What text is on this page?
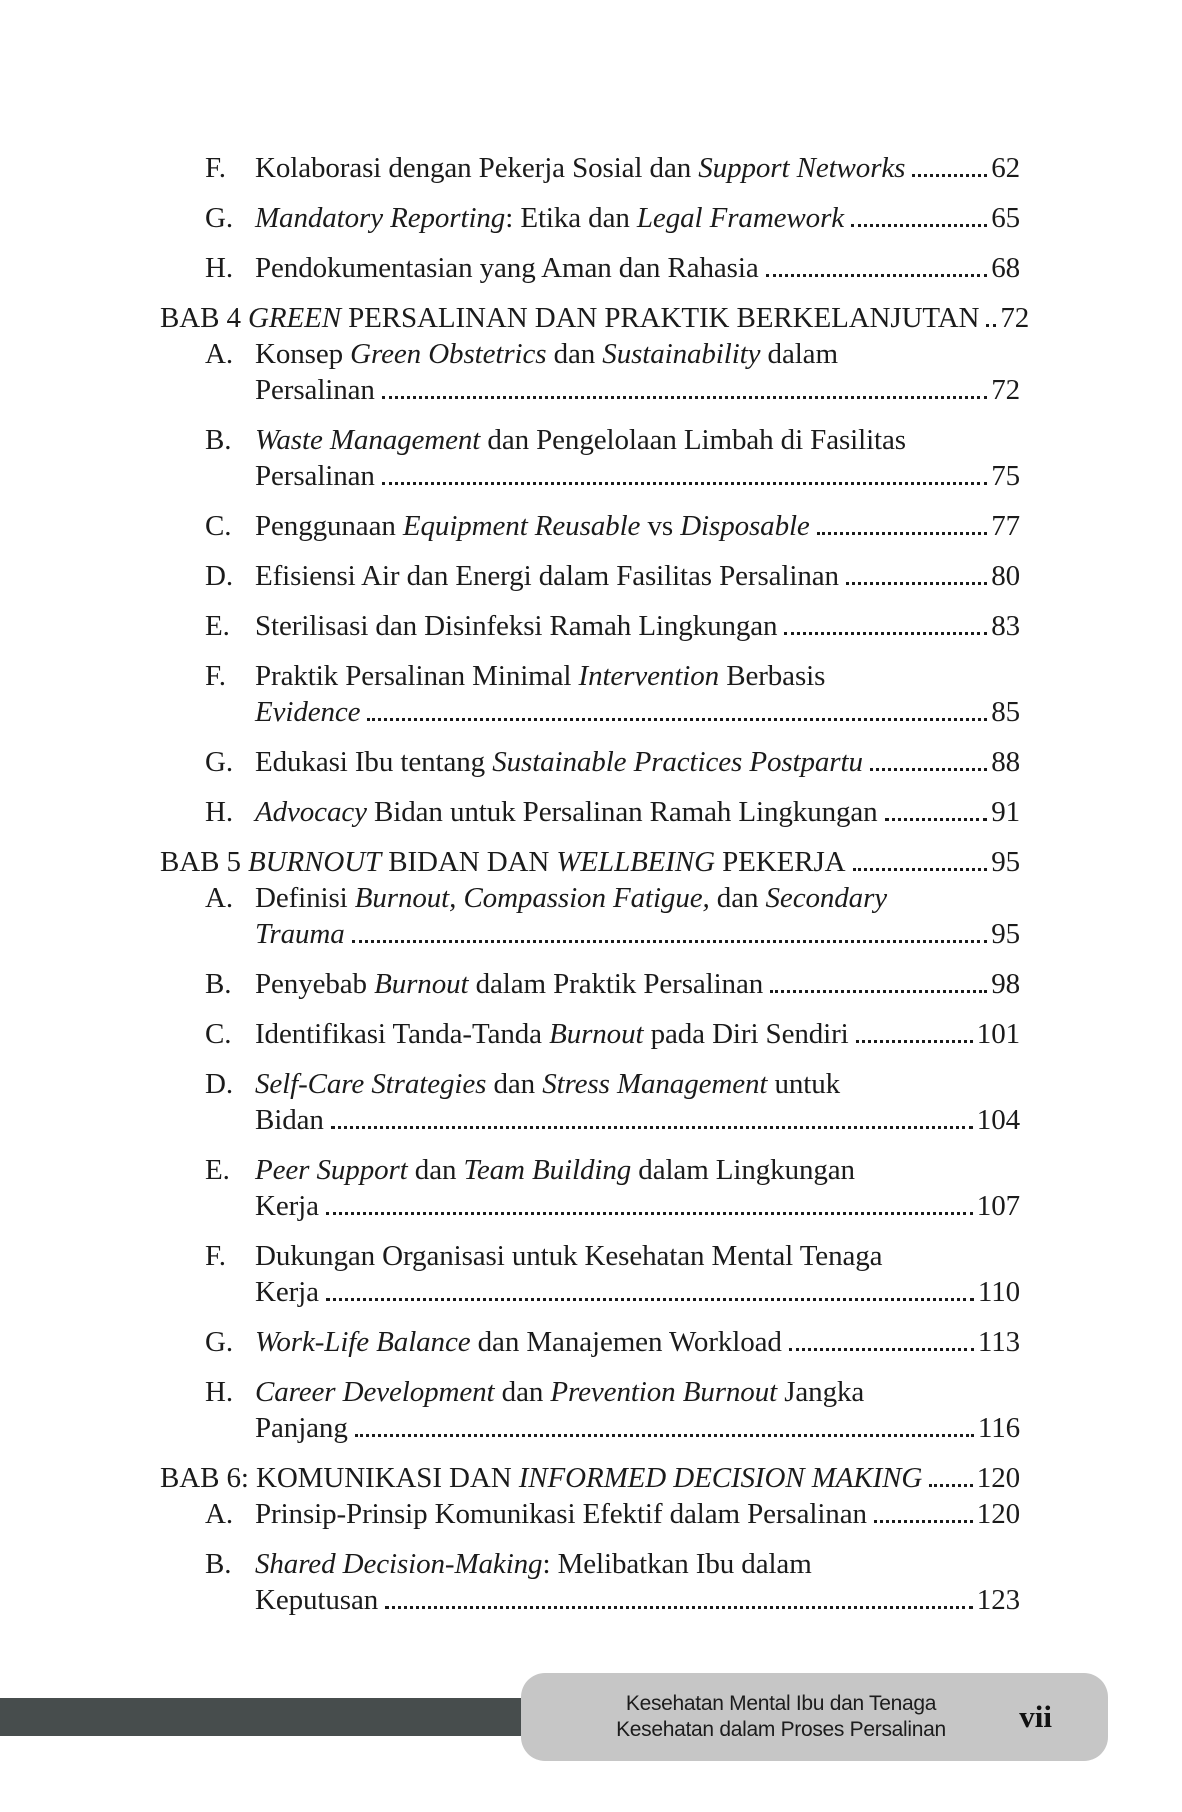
F. Kolaborasi dengan Pekerja Sosial dan Support Networks	62
G. Mandatory Reporting: Etika dan Legal Framework	65
H. Pendokumentasian yang Aman dan Rahasia	68
BAB 4 GREEN PERSALINAN DAN PRAKTIK BERKELANJUTAN 72
A. Konsep Green Obstetrics dan Sustainability dalam
Persalinan	72
B. Waste Management dan Pengelolaan Limbah di Fasilitas
Persalinan	75
C. Penggunaan Equipment Reusable vs Disposable	77
D. Efisiensi Air dan Energi dalam Fasilitas Persalinan	80
E. Sterilisasi dan Disinfeksi Ramah Lingkungan	83
F. Praktik Persalinan Minimal Intervention Berbasis
Evidence	85
G. Edukasi Ibu tentang Sustainable Practices Postpartu	88
H. Advocacy Bidan untuk Persalinan Ramah Lingkungan	91
BAB 5 BURNOUT BIDAN DAN WELLBEING PEKERJA	95
A. Definisi Burnout, Compassion Fatigue, dan Secondary
Trauma	95
B. Penyebab Burnout dalam Praktik Persalinan	98
C. Identifikasi Tanda-Tanda Burnout pada Diri Sendiri	101
D. Self-Care Strategies dan Stress Management untuk
Bidan	104
E. Peer Support dan Team Building dalam Lingkungan
Kerja	107
F. Dukungan Organisasi untuk Kesehatan Mental Tenaga
Kerja	110
G. Work-Life Balance dan Manajemen Workload	113
H. Career Development dan Prevention Burnout Jangka
Panjang	116
BAB 6: KOMUNIKASI DAN INFORMED DECISION MAKING 120
A. Prinsip-Prinsip Komunikasi Efektif dalam Persalinan	120
B. Shared Decision-Making: Melibatkan Ibu dalam
Keputusan	123
Kesehatan Mental Ibu dan Tenaga
Kesehatan dalam Proses Persalinan	vii
